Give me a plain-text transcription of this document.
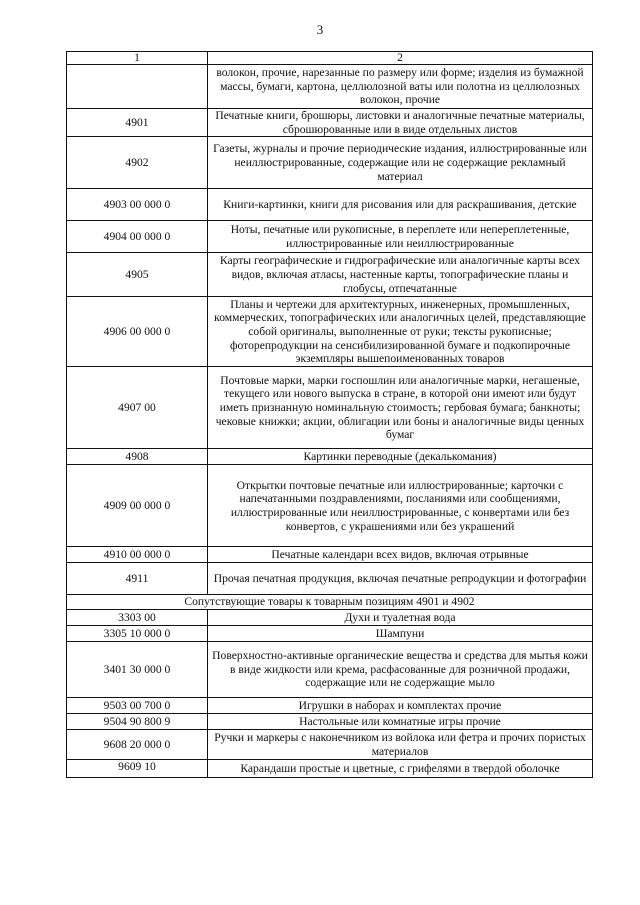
3
1	2
	волокон, прочие, нарезанные по размеру или форме; изделия из бумажной массы, бумаги, картона, целлюлозной ваты или полотна из целлюлозных волокон, прочие
4901	Печатные книги, брошюры, листовки и аналогичные печатные материалы, сброшюрованные или в виде отдельных листов
4902	Газеты, журналы и прочие периодические издания, иллюстрированные или неиллюстрированные, содержащие или не содержащие рекламный материал
4903 00 000 0	Книги-картинки, книги для рисования или для раскрашивания, детские
4904 00 000 0	Ноты, печатные или рукописные, в переплете или непереплетенные, иллюстрированные или неиллюстрированные
4905	Карты географические и гидрографические или аналогичные карты всех видов, включая атласы, настенные карты, топографические планы и глобусы, отпечатанные
4906 00 000 0	Планы и чертежи для архитектурных, инженерных, промышленных, коммерческих, топографических или аналогичных целей, представляющие собой оригиналы, выполненные от руки; тексты рукописные; фоторепродукции на сенсибилизированной бумаге и подкопирочные экземпляры вышепоименованных товаров
4907 00	Почтовые марки, марки госпошлин или аналогичные марки, негашеные, текущего или нового выпуска в стране, в которой они имеют или будут иметь признанную номинальную стоимость; гербовая бумага; банкноты; чековые книжки; акции, облигации или боны и аналогичные виды ценных бумаг
4908	Картинки переводные (декалькомания)
4909 00 000 0	Открытки почтовые печатные или иллюстрированные; карточки с напечатанными поздравлениями, посланиями или сообщениями, иллюстрированные или неиллюстрированные, с конвертами или без конвертов, с украшениями или без украшений
4910 00 000 0	Печатные календари всех видов, включая отрывные
4911	Прочая печатная продукция, включая печатные репродукции и фотографии
Сопутствующие товары к товарным позициям 4901 и 4902	
3303 00	Духи и туалетная вода
3305 10 000 0	Шампуни
3401 30 000 0	Поверхностно-активные органические вещества и средства для мытья кожи в виде жидкости или крема, расфасованные для розничной продажи, содержащие или не содержащие мыло
9503 00 700 0	Игрушки в наборах и комплектах прочие
9504 90 800 9	Настольные или комнатные игры прочие
9608 20 000 0	Ручки и маркеры с наконечником из войлока или фетра и прочих пористых материалов
9609 10	Карандаши простые и цветные, с грифелями в твердой оболочке
